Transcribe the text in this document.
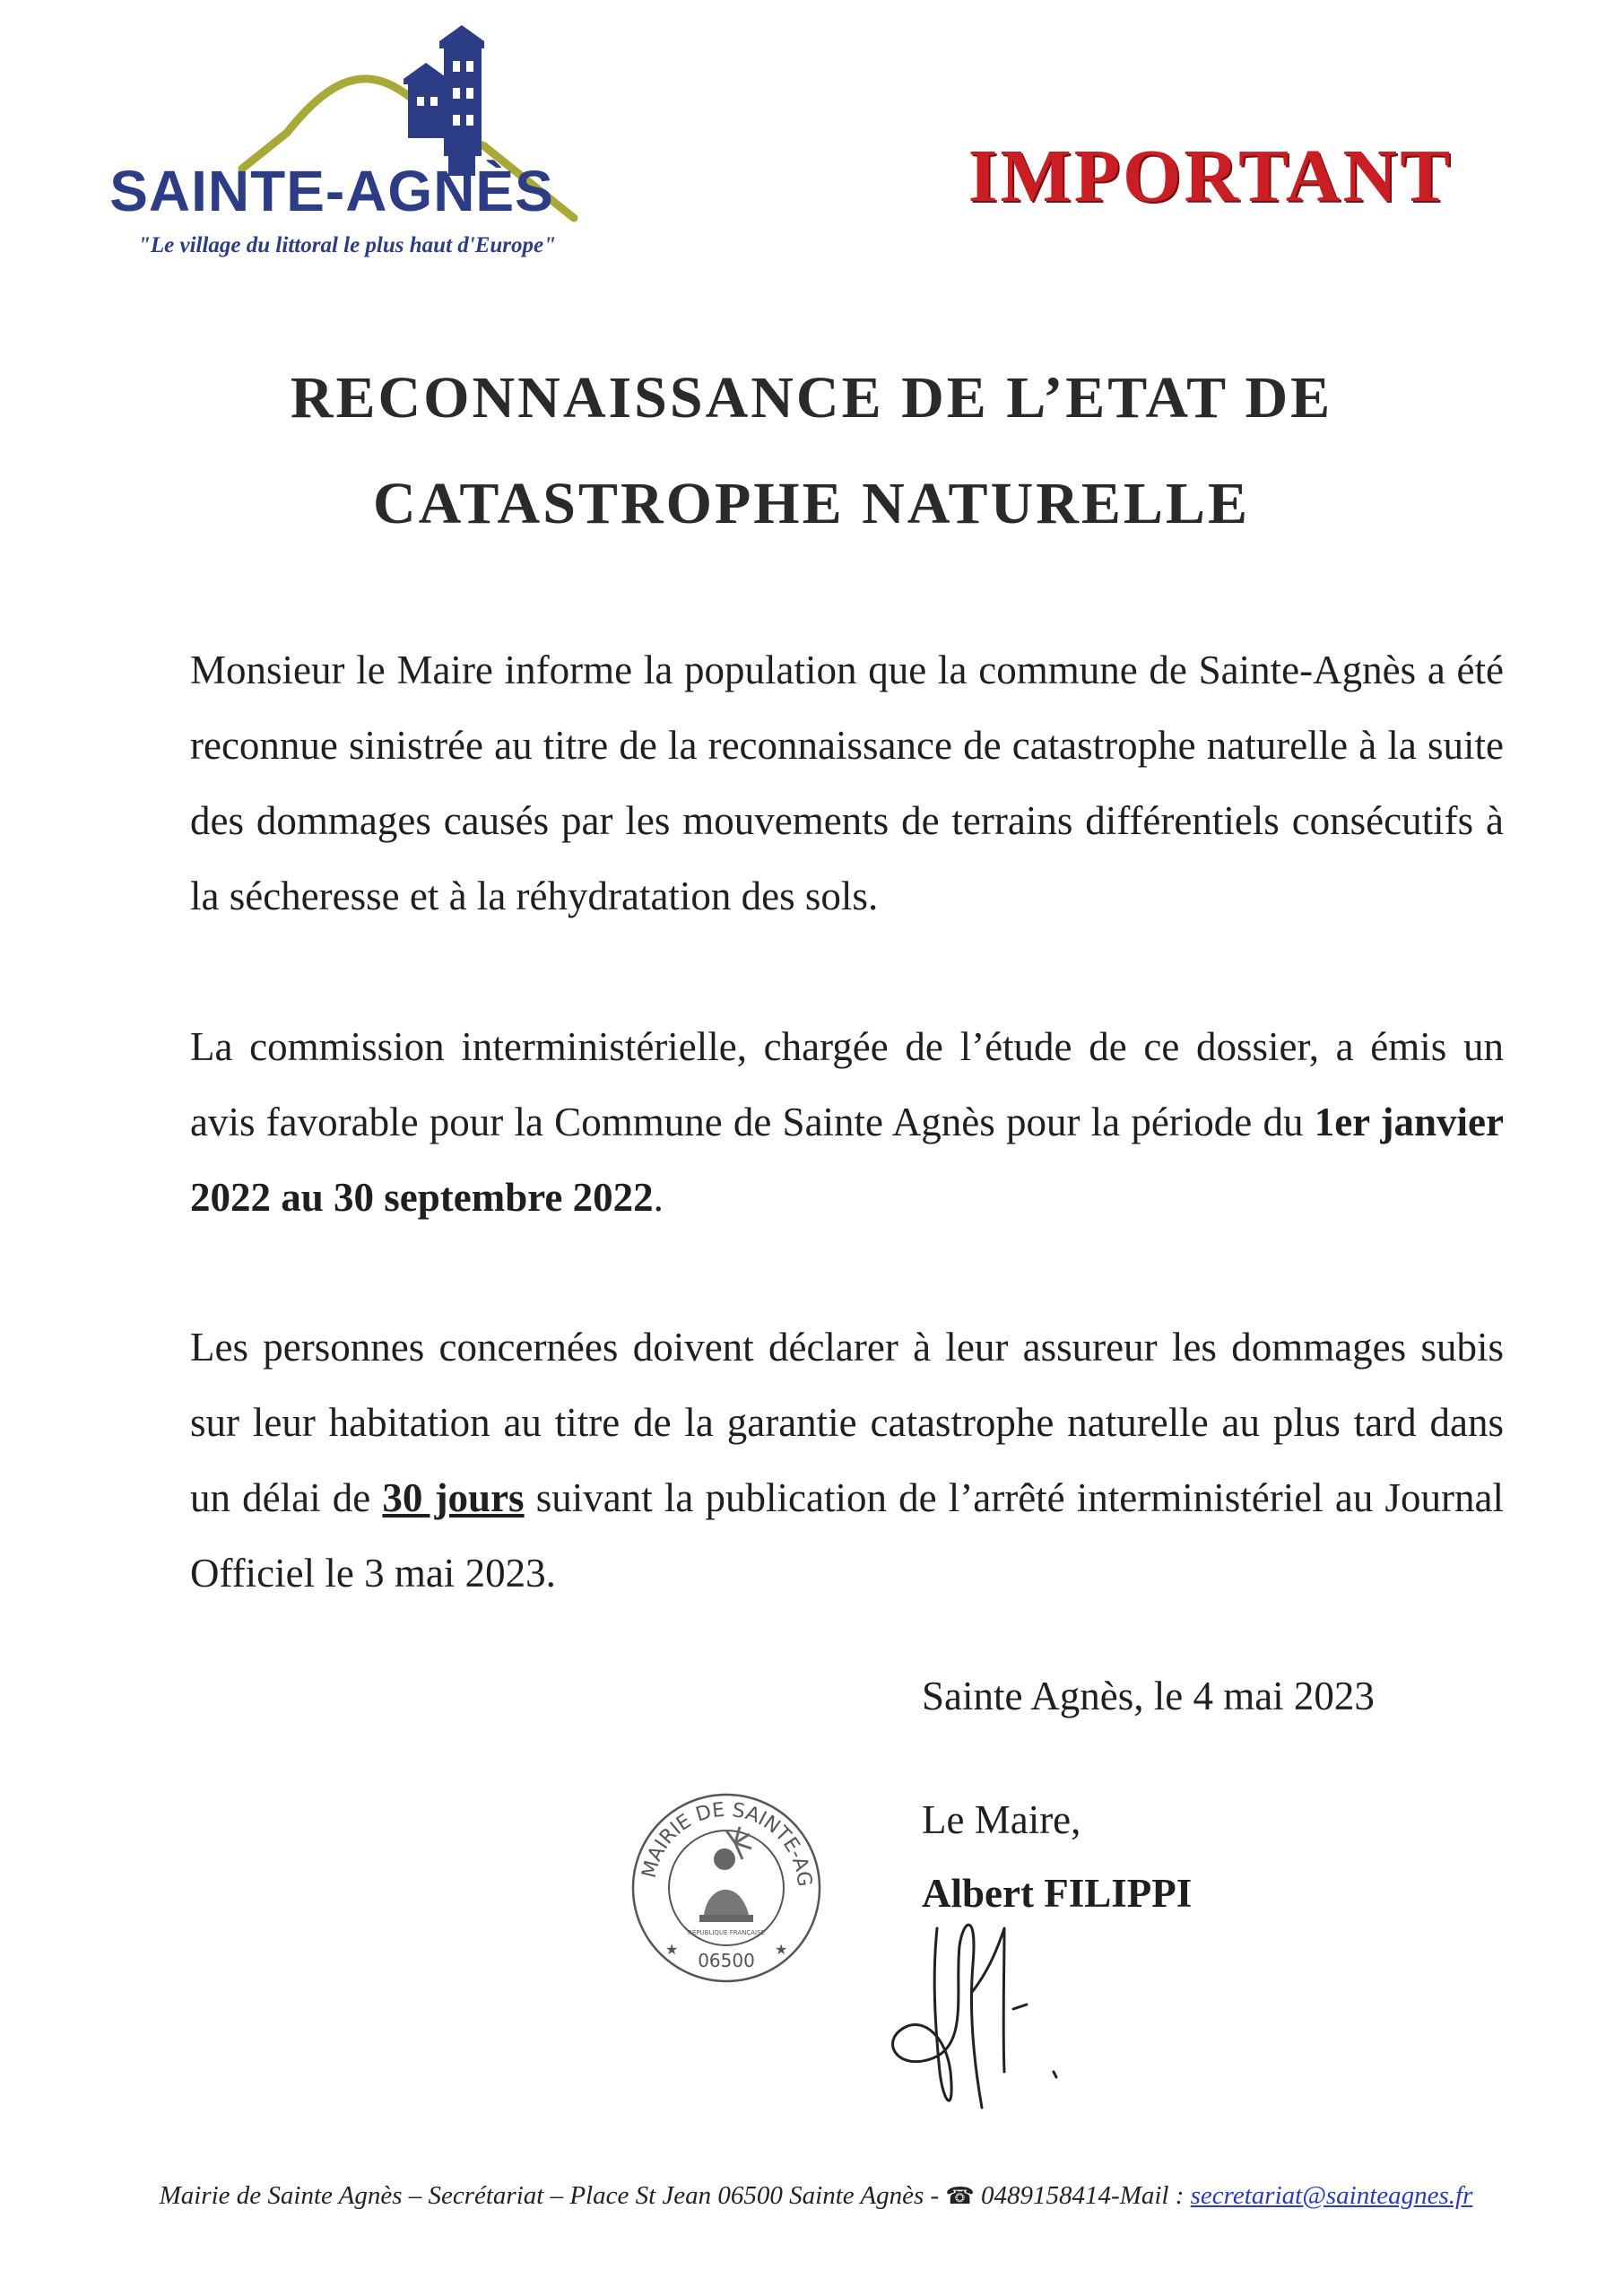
SAINTE-AGNÈS
"Le village du littoral le plus haut d'Europe"
IMPORTANT
RECONNAISSANCE DE L’ETAT DE
CATASTROPHE NATURELLE
Monsieur le Maire informe la population que la commune de Sainte-Agnès a été reconnue sinistrée au titre de la reconnaissance de catastrophe naturelle à la suite des dommages causés par les mouvements de terrains différentiels consécutifs à la sécheresse et à la réhydratation des sols.
La commission interministérielle, chargée de l’étude de ce dossier, a émis un avis favorable pour la Commune de Sainte Agnès pour la période du 1er janvier 2022 au 30 septembre 2022.
Les personnes concernées doivent déclarer à leur assureur les dommages subis sur leur habitation au titre de la garantie catastrophe naturelle au plus tard dans un délai de 30 jours suivant la publication de l’arrêté interministériel au Journal Officiel le 3 mai 2023.
Sainte Agnès, le 4 mai 2023
Le Maire,
Albert FILIPPI
MAIRIE DE SAINTE-AG
RÉPUBLIQUE FRANÇAISE
06500
★	★
Mairie de Sainte Agnès – Secrétariat – Place St Jean 06500 Sainte Agnès - ☎ 0489158414-Mail : secretariat@sainteagnes.fr
